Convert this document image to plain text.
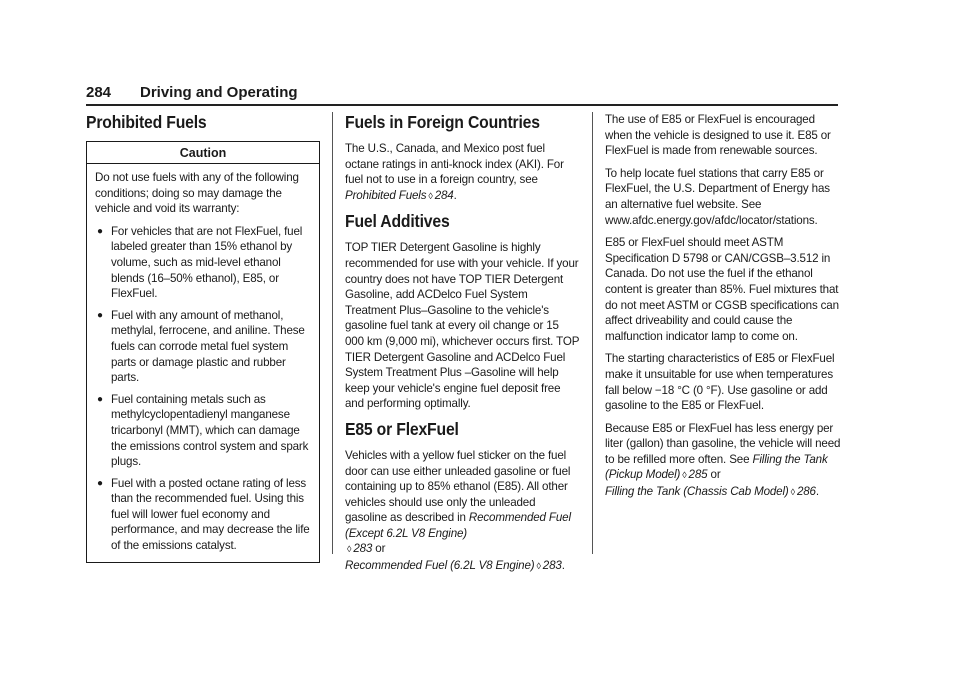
284 Driving and Operating
Prohibited Fuels
Caution

Do not use fuels with any of the following conditions; doing so may damage the vehicle and void its warranty:

● For vehicles that are not FlexFuel, fuel labeled greater than 15% ethanol by volume, such as mid-level ethanol blends (16–50% ethanol), E85, or FlexFuel.
● Fuel with any amount of methanol, methylal, ferrocene, and aniline. These fuels can corrode metal fuel system parts or damage plastic and rubber parts.
● Fuel containing metals such as methylcyclopentadienyl manganese tricarbonyl (MMT), which can damage the emissions control system and spark plugs.
● Fuel with a posted octane rating of less than the recommended fuel. Using this fuel will lower fuel economy and performance, and may decrease the life of the emissions catalyst.
Fuels in Foreign Countries

The U.S., Canada, and Mexico post fuel octane ratings in anti-knock index (AKI). For fuel not to use in a foreign country, see Prohibited Fuels ◊ 284.

Fuel Additives

TOP TIER Detergent Gasoline is highly recommended for use with your vehicle. If your country does not have TOP TIER Detergent Gasoline, add ACDelco Fuel System Treatment Plus–Gasoline to the vehicle's gasoline fuel tank at every oil change or 15 000 km (9,000 mi), whichever occurs first. TOP TIER Detergent Gasoline and ACDelco Fuel System Treatment Plus –Gasoline will help keep your vehicle's engine fuel deposit free and performing optimally.

E85 or FlexFuel

Vehicles with a yellow fuel sticker on the fuel door can use either unleaded gasoline or fuel containing up to 85% ethanol (E85). All other vehicles should use only the unleaded gasoline as described in Recommended Fuel (Except 6.2L V8 Engine)
◊ 283 or
Recommended Fuel (6.2L V8 Engine) ◊ 283.

The use of E85 or FlexFuel is encouraged when the vehicle is designed to use it. E85 or FlexFuel is made from renewable sources.

To help locate fuel stations that carry E85 or FlexFuel, the U.S. Department of Energy has an alternative fuel website. See www.afdc.energy.gov/afdc/locator/stations.

E85 or FlexFuel should meet ASTM Specification D 5798 or CAN/CGSB–3.512 in Canada. Do not use the fuel if the ethanol content is greater than 85%. Fuel mixtures that do not meet ASTM or CGSB specifications can affect driveability and could cause the malfunction indicator lamp to come on.

The starting characteristics of E85 or FlexFuel make it unsuitable for use when temperatures fall below −18 °C (0 °F). Use gasoline or add gasoline to the E85 or FlexFuel.

Because E85 or FlexFuel has less energy per liter (gallon) than gasoline, the vehicle will need to be refilled more often. See Filling the Tank (Pickup Model) ◊ 285 or
Filling the Tank (Chassis Cab Model) ◊ 286.
